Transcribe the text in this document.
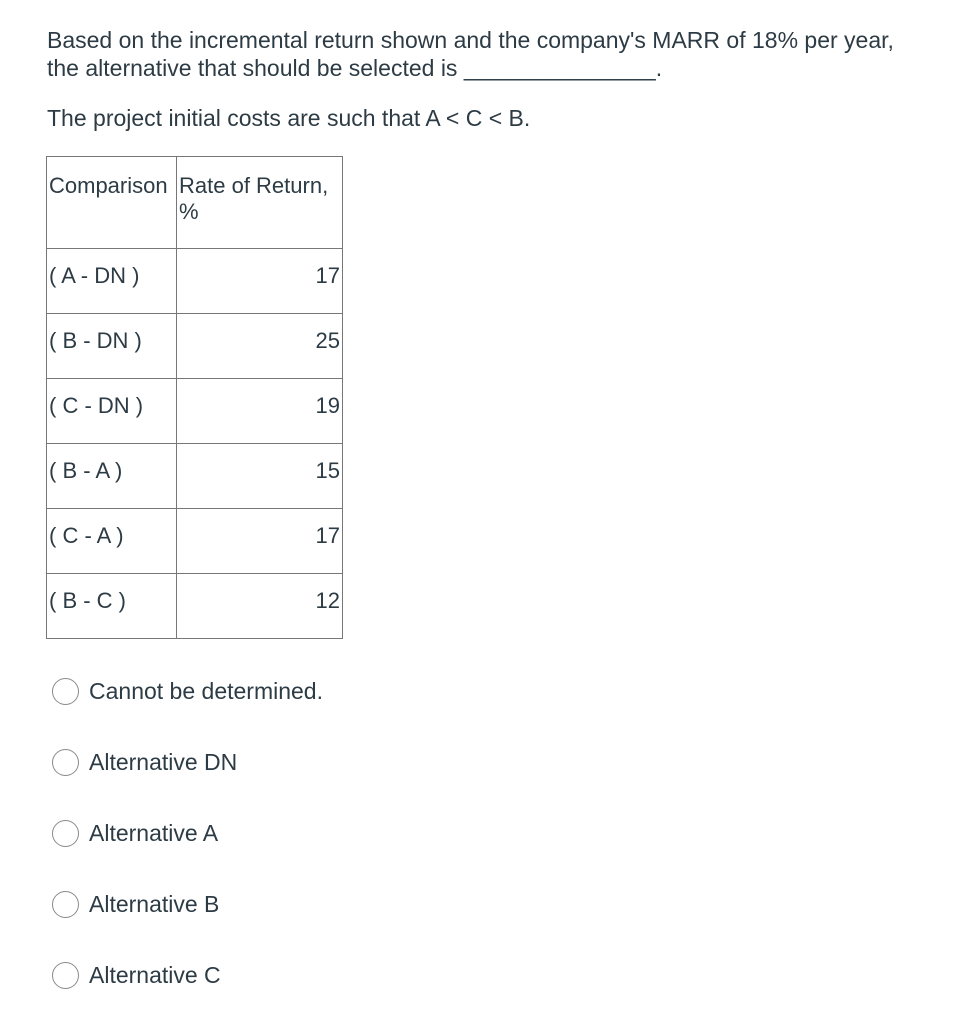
Based on the incremental return shown and the company's MARR of 18% per year,

the alternative that should be selected is _______________.

The project initial costs are such that A < C < B.

Comparison	Rate of Return,
%
( A - DN )	17
( B - DN )	25
( C - DN )	19
( B - A )	15
( C - A )	17
( B - C )	12
Cannot be determined.
Alternative DN
Alternative A
Alternative B
Alternative C
